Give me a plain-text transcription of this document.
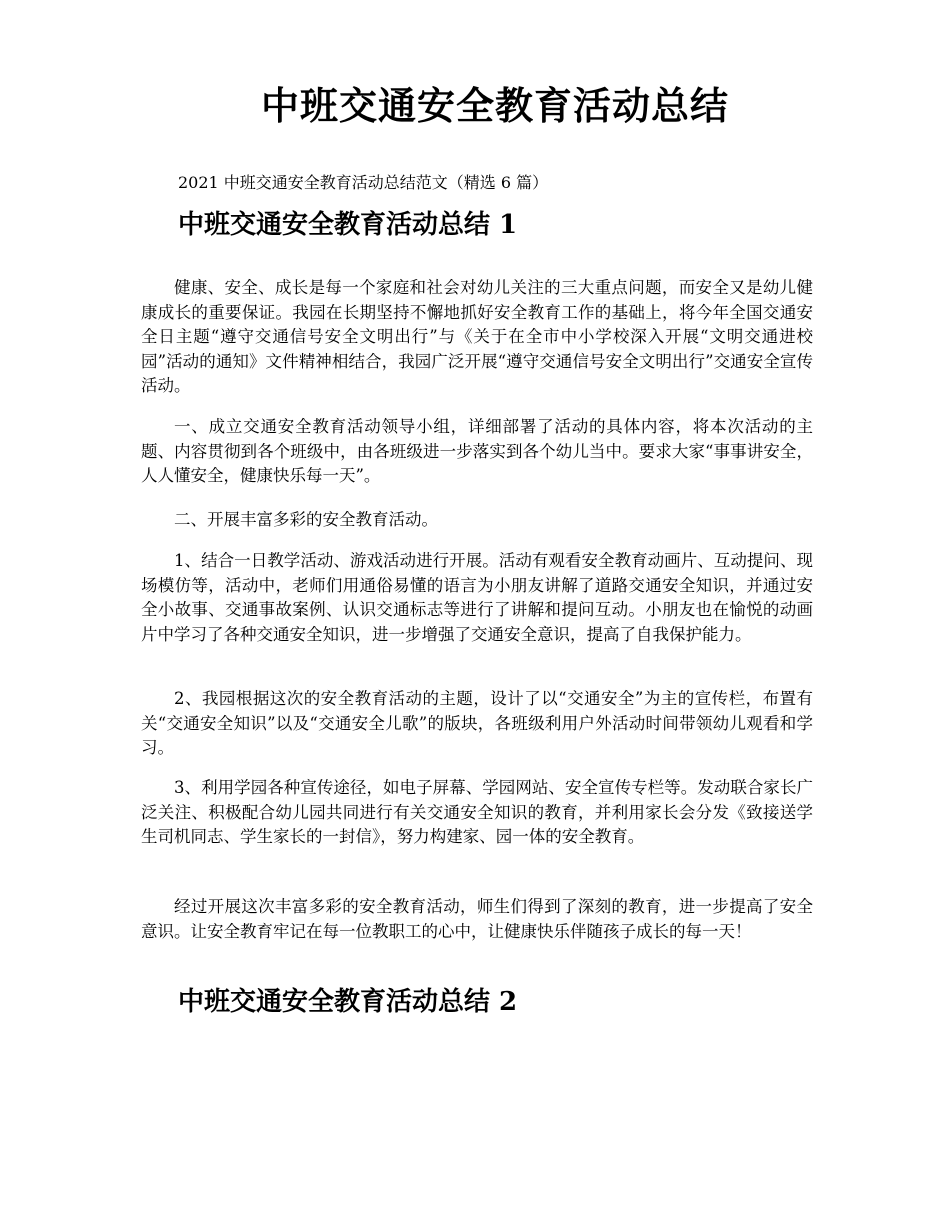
中班交通安全教育活动总结

2021 中班交通安全教育活动总结范文（精选 6 篇）

中班交通安全教育活动总结 1

健康、安全、成长是每一个家庭和社会对幼儿关注的三大重点问题，而安全又是幼儿健康成长的重要保证。我园在长期坚持不懈地抓好安全教育工作的基础上，将今年全国交通安全日主题“遵守交通信号安全文明出行”与《关于在全市中小学校深入开展“文明交通进校园”活动的通知》文件精神相结合，我园广泛开展“遵守交通信号安全文明出行”交通安全宣传活动。

一、成立交通安全教育活动领导小组，详细部署了活动的具体内容，将本次活动的主题、内容贯彻到各个班级中，由各班级进一步落实到各个幼儿当中。要求大家“事事讲安全，人人懂安全，健康快乐每一天”。

二、开展丰富多彩的安全教育活动。

1、结合一日教学活动、游戏活动进行开展。活动有观看安全教育动画片、互动提问、现场模仿等，活动中，老师们用通俗易懂的语言为小朋友讲解了道路交通安全知识，并通过安全小故事、交通事故案例、认识交通标志等进行了讲解和提问互动。小朋友也在愉悦的动画片中学习了各种交通安全知识，进一步增强了交通安全意识，提高了自我保护能力。

2、我园根据这次的安全教育活动的主题，设计了以“交通安全”为主的宣传栏，布置有关“交通安全知识”以及“交通安全儿歌”的版块，各班级利用户外活动时间带领幼儿观看和学习。

3、利用学园各种宣传途径，如电子屏幕、学园网站、安全宣传专栏等。发动联合家长广泛关注、积极配合幼儿园共同进行有关交通安全知识的教育，并利用家长会分发《致接送学生司机同志、学生家长的一封信》，努力构建家、园一体的安全教育。

经过开展这次丰富多彩的安全教育活动，师生们得到了深刻的教育，进一步提高了安全意识。让安全教育牢记在每一位教职工的心中，让健康快乐伴随孩子成长的每一天！

中班交通安全教育活动总结 2
